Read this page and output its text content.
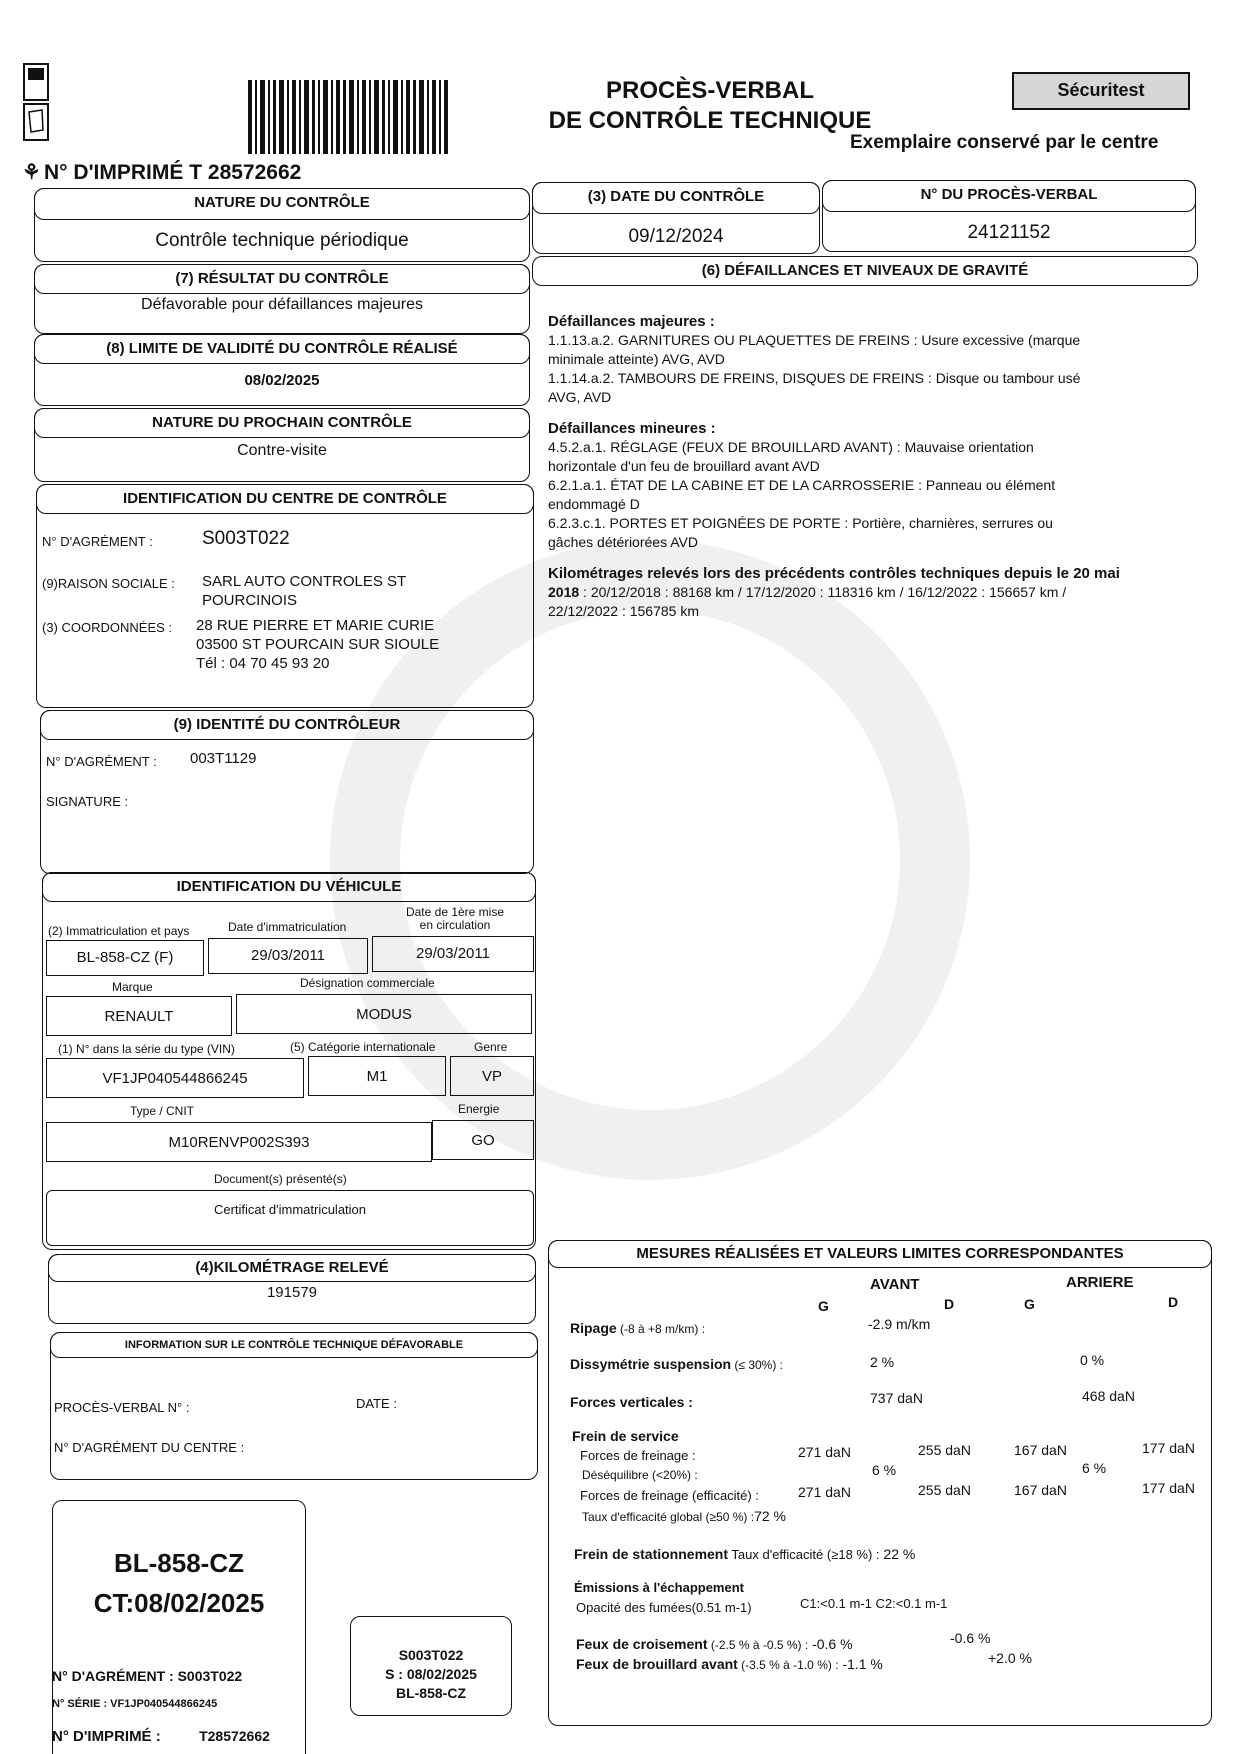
⚘ N° D'IMPRIMÉ T 28572662
PROCÈS-VERBAL
DE CONTRÔLE TECHNIQUE
Sécuritest
Exemplaire conservé par le centre
NATURE DU CONTRÔLE
Contrôle technique périodique
(3) DATE DU CONTRÔLE
09/12/2024
N° DU PROCÈS-VERBAL
24121152
(7) RÉSULTAT DU CONTRÔLE
Défavorable pour défaillances majeures
(8) LIMITE DE VALIDITÉ DU CONTRÔLE RÉALISÉ
08/02/2025
NATURE DU PROCHAIN CONTRÔLE
Contre-visite
(6) DÉFAILLANCES ET NIVEAUX DE GRAVITÉ
Défaillances majeures :
1.1.13.a.2. GARNITURES OU PLAQUETTES DE FREINS : Usure excessive (marque
minimale atteinte) AVG, AVD
1.1.14.a.2. TAMBOURS DE FREINS, DISQUES DE FREINS : Disque ou tambour usé
AVG, AVD
Défaillances mineures :
4.5.2.a.1. RÉGLAGE (FEUX DE BROUILLARD AVANT) : Mauvaise orientation
horizontale d'un feu de brouillard avant AVD
6.2.1.a.1. ÉTAT DE LA CABINE ET DE LA CARROSSERIE : Panneau ou élément
endommagé D
6.2.3.c.1. PORTES ET POIGNÉES DE PORTE : Portière, charnières, serrures ou
gâches détériorées AVD
Kilométrages relevés lors des précédents contrôles techniques depuis le 20 mai
2018 : 20/12/2018 : 88168 km / 17/12/2020 : 118316 km / 16/12/2022 : 156657 km /
22/12/2022 : 156785 km
IDENTIFICATION DU CENTRE DE CONTRÔLE
N° D'AGRÉMENT :	S003T022
(9)RAISON SOCIALE : SARL AUTO CONTROLES ST
POURCINOIS
(3) COORDONNÉES : 28 RUE PIERRE ET MARIE CURIE
03500 ST POURCAIN SUR SIOULE
Tél : 04 70 45 93 20
(9) IDENTITÉ DU CONTRÔLEUR
N° D'AGRÉMENT : 003T1129
SIGNATURE :
IDENTIFICATION DU VÉHICULE
(2) Immatriculation et pays	Date d'immatriculation
Date de 1ère mise
en circulation
BL-858-CZ (F)	29/03/2011	29/03/2011
Marque	Désignation commerciale
RENAULT	MODUS
(1) N° dans la série du type (VIN)	(5) Catégorie internationale	Genre
VF1JP040544866245	M1	VP
Type / CNIT	Energie
M10RENVP002S393	GO
Document(s) présenté(s)
Certificat d'immatriculation
(4)KILOMÉTRAGE RELEVÉ
191579
INFORMATION SUR LE CONTRÔLE TECHNIQUE DÉFAVORABLE
PROCÈS-VERBAL N° :	DATE :
N° D'AGRÉMENT DU CENTRE :
BL-858-CZ
CT:08/02/2025
N° D'AGRÉMENT : S003T022
N° SÉRIE : VF1JP040544866245
N° D'IMPRIMÉ :	T28572662
S003T022
S : 08/02/2025
BL-858-CZ
MESURES RÉALISÉES ET VALEURS LIMITES CORRESPONDANTES
AVANT	ARRIERE
G	D	G	D
Ripage (-8 à +8 m/km) :	-2.9 m/km
Dissymétrie suspension (≤ 30%) :	2 %	0 %
Forces verticales :	737 daN	468 daN
Frein de service
Forces de freinage :	271 daN	255 daN	167 daN	177 daN
Déséquilibre (<20%) :	6 %	6 %
Forces de freinage (efficacité) :	271 daN	255 daN	167 daN	177 daN
Taux d'efficacité global (≥50 %) :72 %
Frein de stationnement Taux d'efficacité (≥18 %) : 22 %
Émissions à l'échappement
Opacité des fumées(0.51 m-1)	C1:<0.1 m-1 C2:<0.1 m-1
Feux de croisement (-2.5 % à -0.5 %) : -0.6 %	-0.6 %
Feux de brouillard avant (-3.5 % à -1.0 %) : -1.1 %	+2.0 %
